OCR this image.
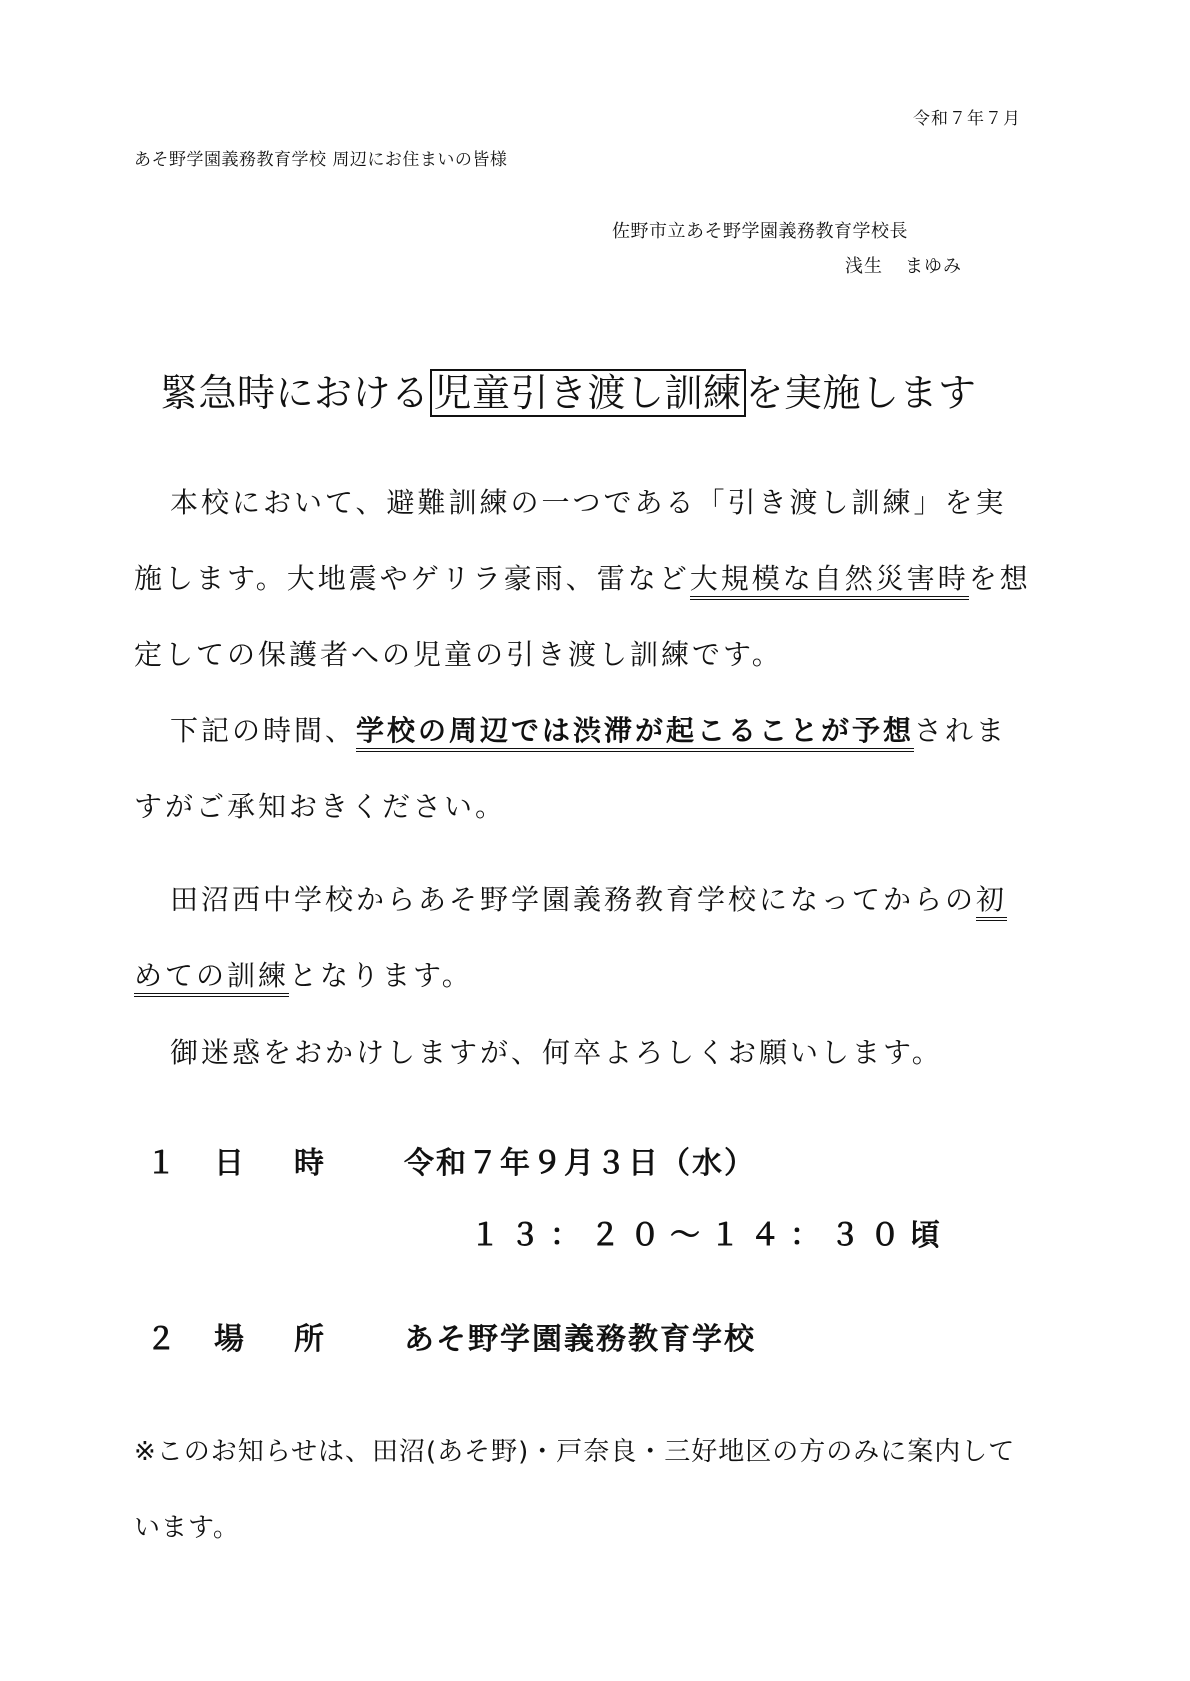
令和７年７月
あそ野学園義務教育学校 周辺にお住まいの皆様
佐野市立あそ野学園義務教育学校長
浅生 まゆみ
緊急時における 児童引き渡し訓練 を実施します
本校において、避難訓練の一つである「引き渡し訓練」を実施します。大地震やゲリラ豪雨、雷など大規模な自然災害時を想定しての保護者への児童の引き渡し訓練です。
下記の時間、学校の周辺では渋滞が起こることが予想されますがご承知おきください。
田沼西中学校からあそ野学園義務教育学校になってからの初めての訓練となります。
御迷惑をおかけしますが、何卒よろしくお願いします。
１ 日 時	令和７年９月３日（水）
１３：２０～１４：３０頃
２ 場 所	あそ野学園義務教育学校
※このお知らせは、田沼(あそ野)・戸奈良・三好地区の方のみに案内しています。
